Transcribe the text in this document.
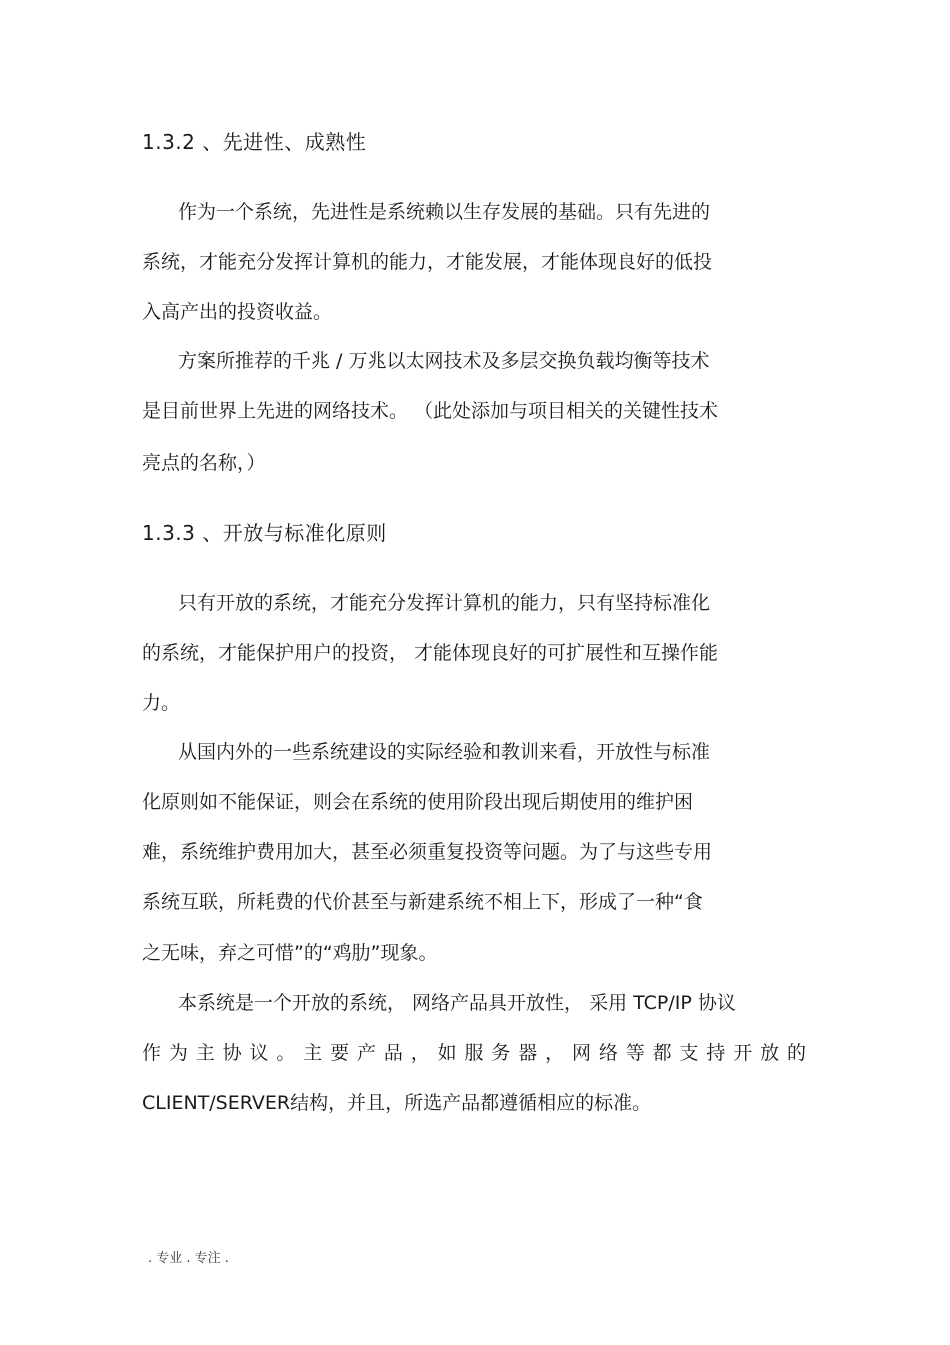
1.3.2 、先进性、成熟性
作为一个系统，先进性是系统赖以生存发展的基础。只有先进的
系统，才能充分发挥计算机的能力，才能发展，才能体现良好的低投
入高产出的投资收益。
方案所推荐的千兆 / 万兆以太网技术及多层交换负载均衡等技术
是目前世界上先进的网络技术。 （此处添加与项目相关的关键性技术
亮点的名称，）
1.3.3 、开放与标准化原则
只有开放的系统，才能充分发挥计算机的能力，只有坚持标准化
的系统，才能保护用户的投资， 才能体现良好的可扩展性和互操作能
力。
从国内外的一些系统建设的实际经验和教训来看，开放性与标准
化原则如不能保证，则会在系统的使用阶段出现后期使用的维护困
难，系统维护费用加大，甚至必须重复投资等问题。为了与这些专用
系统互联，所耗费的代价甚至与新建系统不相上下，形成了一种“食
之无味，弃之可惜”的“鸡肋”现象。
本系统是一个开放的系统， 网络产品具开放性， 采用 TCP/IP 协议
作 为 主 协 议 。 主 要 产 品 ， 如 服 务 器 ， 网 络 等 都 支 持 开 放 的
CLIENT/SERVER结构，并且，所选产品都遵循相应的标准。
. 专业 . 专注 .
